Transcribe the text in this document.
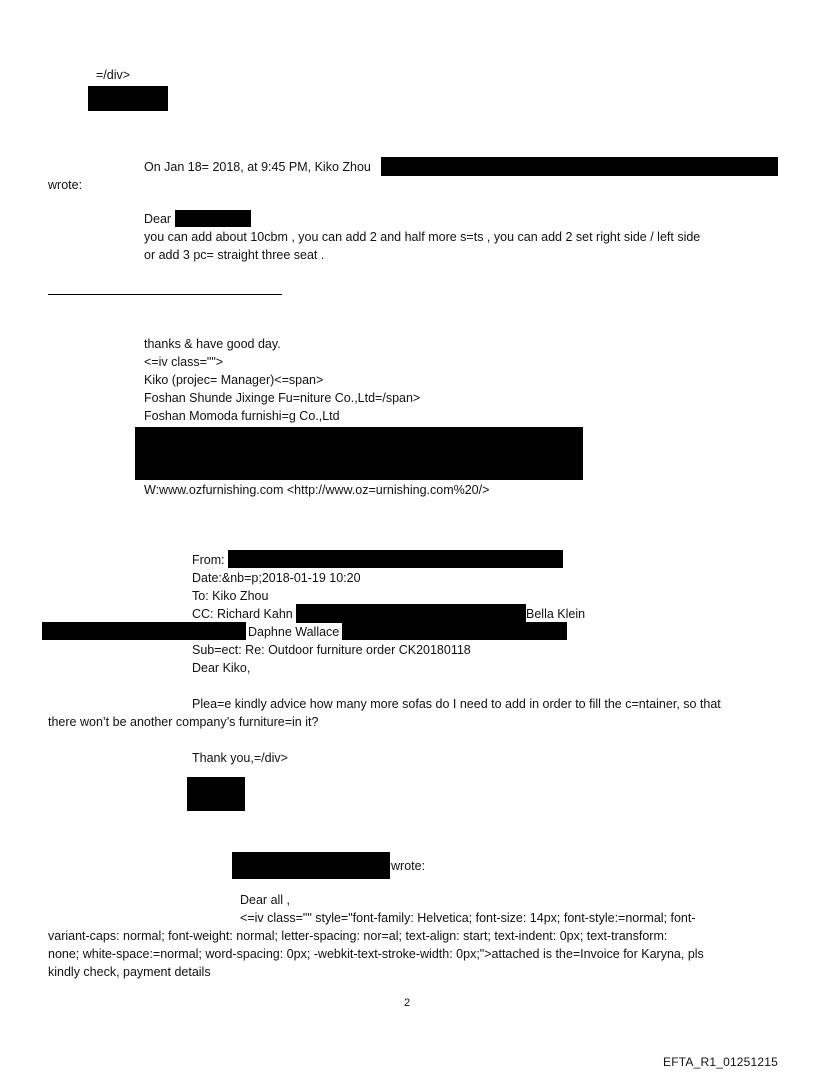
=/div>
On Jan 18= 2018, at 9:45 PM, Kiko Zhou
wrote:
Dear
you can add about 10cbm , you can add 2 and half more s=ts , you can add 2 set right side / left side
or add 3 pc= straight three seat .
thanks & have good day.
<=iv class="">
Kiko (projec= Manager)<=span>
Foshan Shunde Jixinge Fu=niture Co.,Ltd=/span>
Foshan Momoda furnishi=g Co.,Ltd
W:www.ozfurnishing.com <http://www.oz=urnishing.com%20/>
From:
Date:&nb=p;2018-01-19 10:20
To: Kiko Zhou
CC: Richard Kahn	Bella Klein
Daphne Wallace
Sub=ect: Re: Outdoor furniture order CK20180118
Dear Kiko,
Plea=e kindly advice how many more sofas do I need to add in order to fill the c=ntainer, so that
there won’t be another company’s furniture=in it?
Thank you,=/div>
wrote:
Dear all ,
<=iv class="" style="font-family: Helvetica; font-size: 14px; font-style:=normal; font-
variant-caps: normal; font-weight: normal; letter-spacing: nor=al; text-align: start; text-indent: 0px; text-transform:
none; white-space:=normal; word-spacing: 0px; -webkit-text-stroke-width: 0px;">attached is the=Invoice for Karyna, pls
kindly check, payment details
2
EFTA_R1_01251215
